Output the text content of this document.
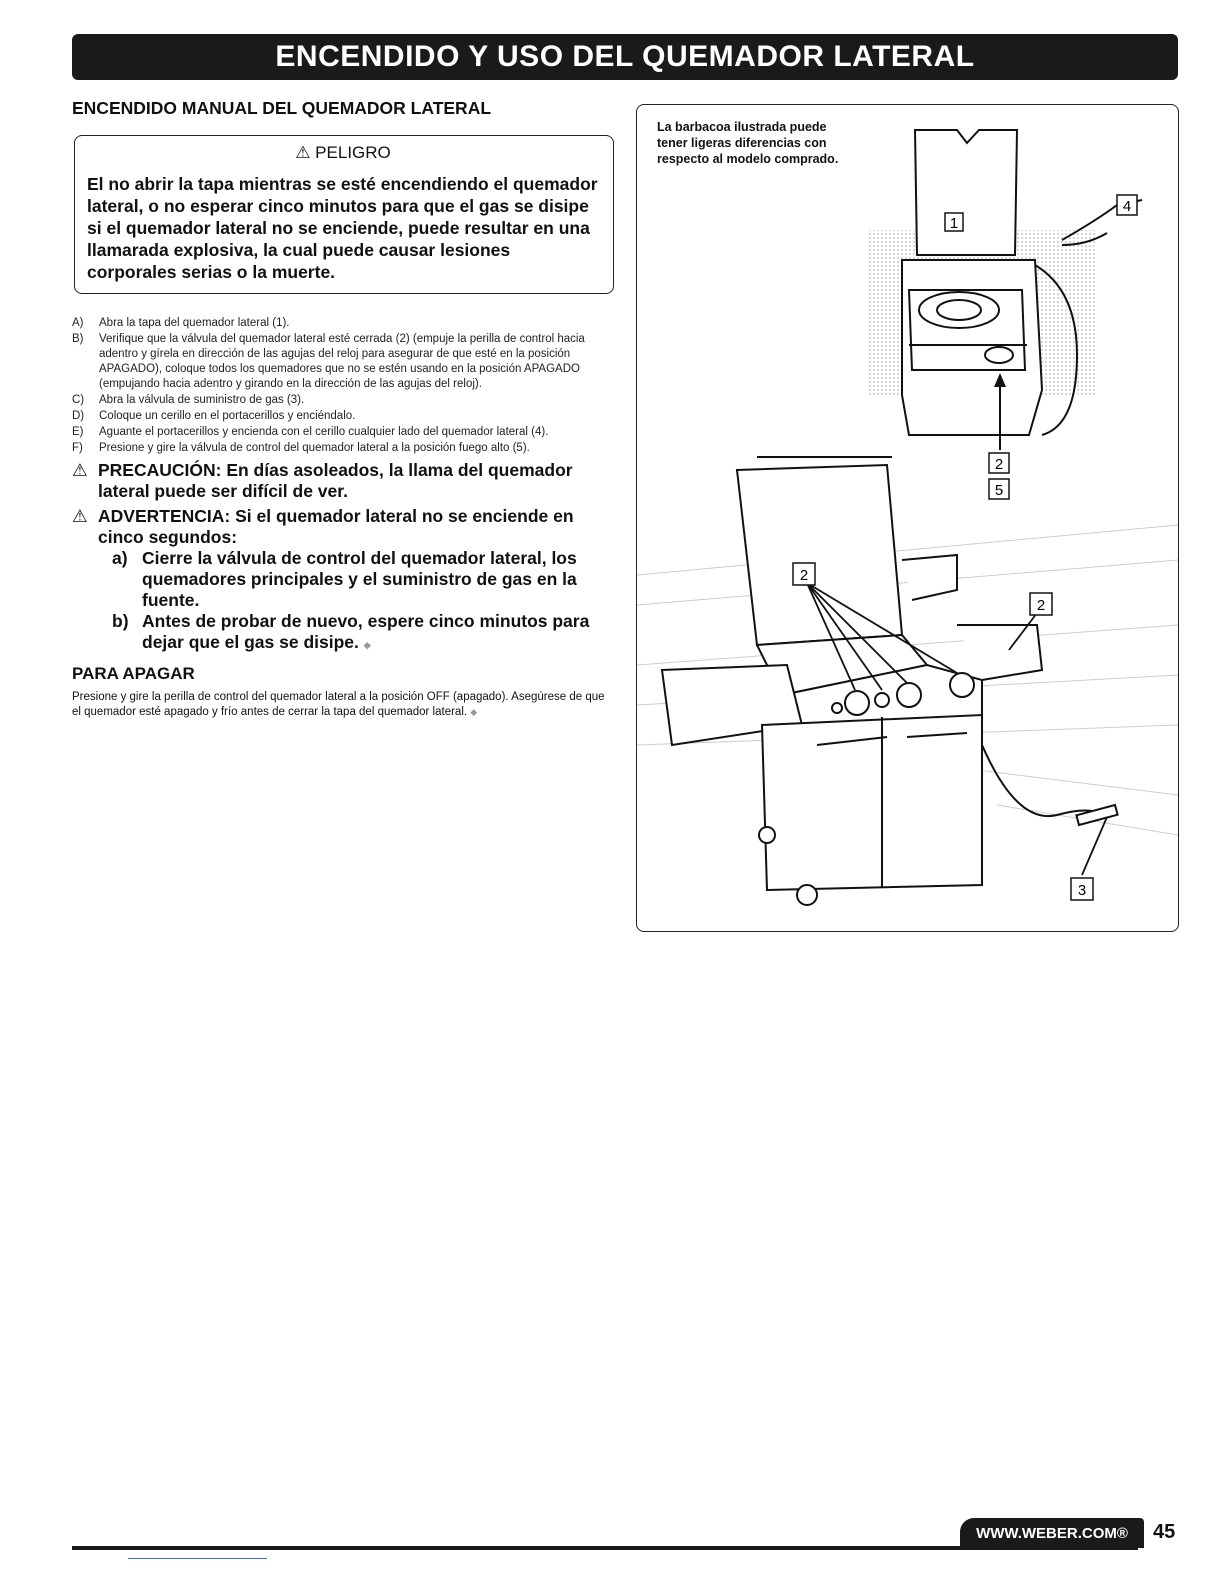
ENCENDIDO Y USO DEL QUEMADOR LATERAL

ENCENDIDO MANUAL DEL QUEMADOR LATERAL

⚠ PELIGRO
El no abrir la tapa mientras se esté encendiendo el quemador lateral, o no esperar cinco minutos para que el gas se disipe si el quemador lateral no se enciende, puede resultar en una llamarada explosiva, la cual puede causar lesiones corporales serias o la muerte.
A)	Abra la tapa del quemador lateral (1).
B)	Verifique que la válvula del quemador lateral esté cerrada (2) (empuje la perilla de control hacia adentro y gírela en dirección de las agujas del reloj para asegurar de que esté en la posición APAGADO), coloque todos los quemadores que no se estén usando en la posición APAGADO (empujando hacia adentro y girando en la dirección de las agujas del reloj).
C)	Abra la válvula de suministro de gas (3).
D)	Coloque un cerillo en el portacerillos y enciéndalo.
E)	Aguante el portacerillos y encienda con el cerillo cualquier lado del quemador lateral (4).
F)	Presione y gire la válvula de control del quemador lateral a la posición fuego alto (5).
⚠ PRECAUCIÓN: En días asoleados, la llama del quemador lateral puede ser difícil de ver.
⚠ ADVERTENCIA: Si el quemador lateral no se enciende en cinco segundos:
a) Cierre la válvula de control del quemador lateral, los quemadores principales y el suministro de gas en la fuente.
b) Antes de probar de nuevo, espere cinco minutos para dejar que el gas se disipe. ◆
PARA APAGAR
Presione y gire la perilla de control del quemador lateral a la posición OFF (apagado). Asegúrese de que el quemador esté apagado y frío antes de cerrar la tapa del quemador lateral. ◆
La barbacoa ilustrada puede tener ligeras diferencias con respecto al modelo comprado.
1
4
2
5
2
2
3
WWW.WEBER.COM®	45
